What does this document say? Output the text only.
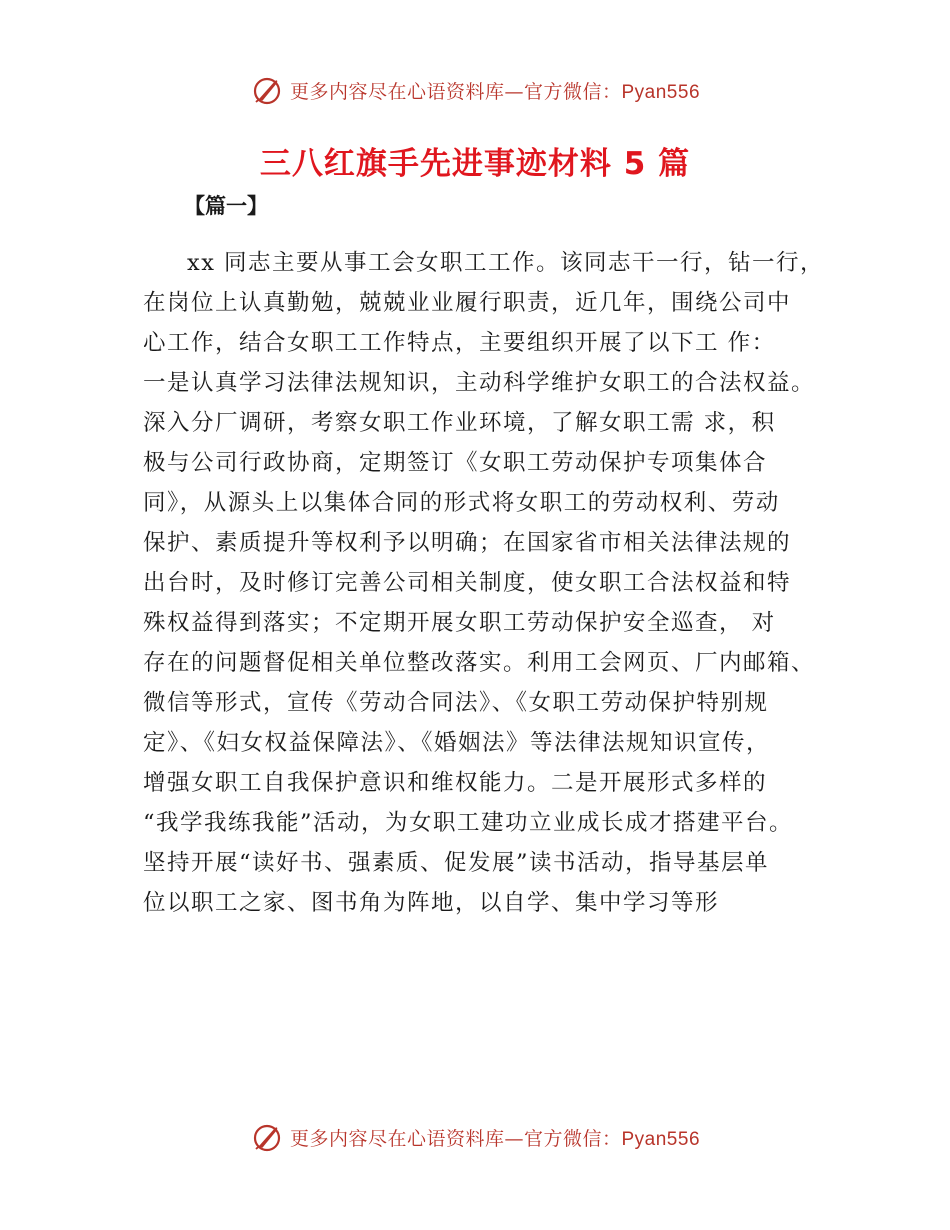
更多内容尽在心语资料库—官方微信：Pyan556
三八红旗手先进事迹材料 5 篇

【篇一】

xx 同志主要从事工会女职工工作。该同志干一行，钻一行，
在岗位上认真勤勉，兢兢业业履行职责，近几年，围绕公司中
心工作，结合女职工工作特点，主要组织开展了以下工 作：
一是认真学习法律法规知识，主动科学维护女职工的合法权益。
深入分厂调研，考察女职工作业环境，了解女职工需 求，积
极与公司行政协商，定期签订《女职工劳动保护专项集体合
同》，从源头上以集体合同的形式将女职工的劳动权利、劳动
保护、素质提升等权利予以明确；在国家省市相关法律法规的
出台时，及时修订完善公司相关制度，使女职工合法权益和特
殊权益得到落实；不定期开展女职工劳动保护安全巡查， 对
存在的问题督促相关单位整改落实。利用工会网页、厂内邮箱、
微信等形式，宣传《劳动合同法》、《女职工劳动保护特别规
定》、《妇女权益保障法》、《婚姻法》等法律法规知识宣传，
增强女职工自我保护意识和维权能力。二是开展形式多样的
“我学我练我能”活动，为女职工建功立业成长成才搭建平台。
坚持开展“读好书、强素质、促发展”读书活动，指导基层单
位以职工之家、图书角为阵地，以自学、集中学习等形
更多内容尽在心语资料库—官方微信：Pyan556
